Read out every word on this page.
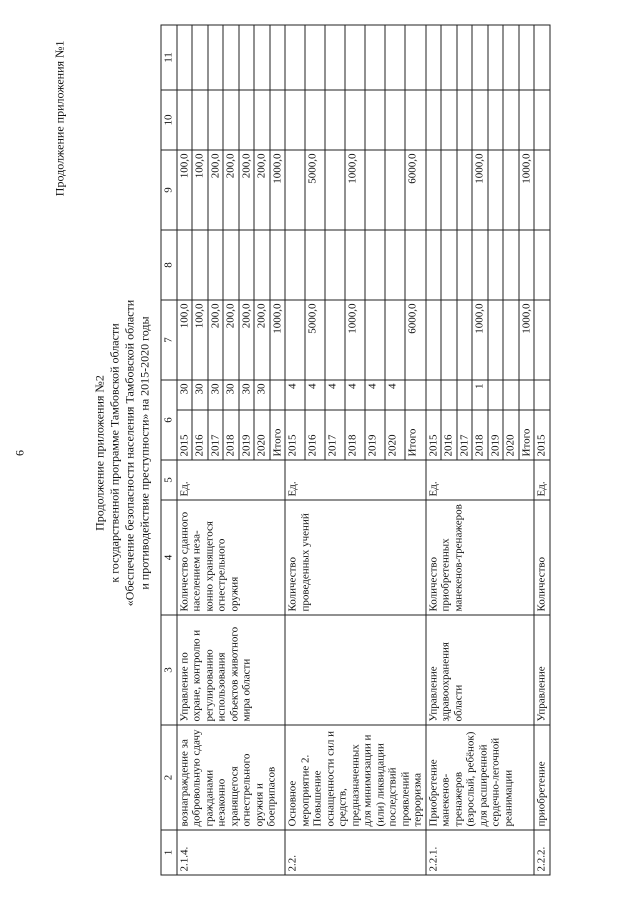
6
Продолжение приложения №1
Продолжение приложения №2 к государственной программе Тамбовской области «Обеспечение безопасности населения Тамбовской области и противодействие преступности» на 2015-2020 годы
1	2	3	4	5	6		7	8	9	10	11
2.1.4.	вознаграждение за добровольную сдачу гражданами незаконно хранящегося огнестрельного оружия и боеприпасов	Управление по охране, контролю и регулированию использования объектов животного мира области	Количество сданного населением неза-конно хранящегося огнестрельного оружия	Ед.	2015	30	100,0		100,0		
					2016	30	100,0		100,0		
					2017	30	200,0		200,0		
					2018	30	200,0		200,0		
					2019	30	200,0		200,0		
					2020	30	200,0		200,0		
					Итого		1000,0		1000,0		
2.2.	Основное мероприятие 2. Повышение оснащенности сил и средств, предназначенных для минимизации и (или) ликвидации последствий проявлений терроризма		Количество проведенных учений	Ед.	2015	4					
					2016	4	5000,0		5000,0		
					2017	4					
					2018	4	1000,0		1000,0		
					2019	4					
					2020	4					
					Итого		6000,0		6000,0		
2.2.1.	Приобретение манекенов-тренажеров (взрослый, ребёнок) для расширенной сердечно-легочной реанимации	Управление здравоохранения области	Количество приобретенных манекенов-тренажеров	Ед.	2015						
					2016						
					2017						
					2018	1	1000,0		1000,0		
					2019						
					2020						
					Итого		1000,0		1000,0		
2.2.2.	приобретение	Управление	Количество	Ед.	2015						
